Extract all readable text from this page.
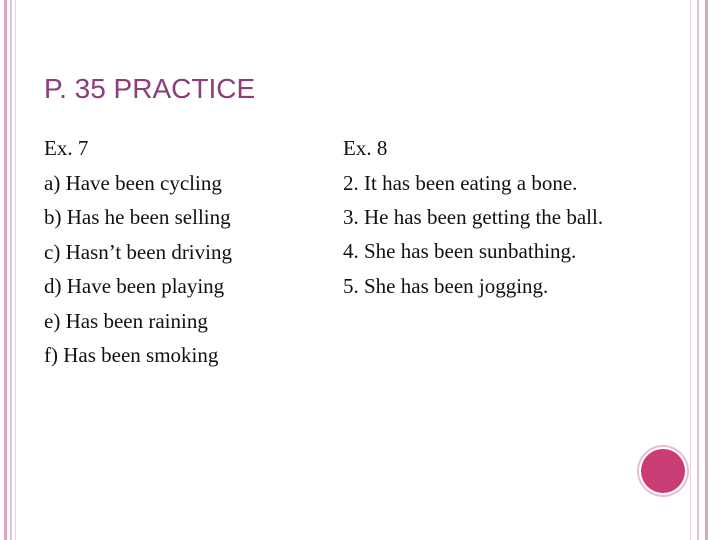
P. 35 PRACTICE
Ex. 7
a) Have been cycling
b) Has he been selling
c) Hasn’t been driving
d) Have been playing
e) Has been raining
f) Has been smoking
Ex. 8
2. It has been eating a bone.
3. He has been getting the ball.
4. She has been sunbathing.
5. She has been jogging.
